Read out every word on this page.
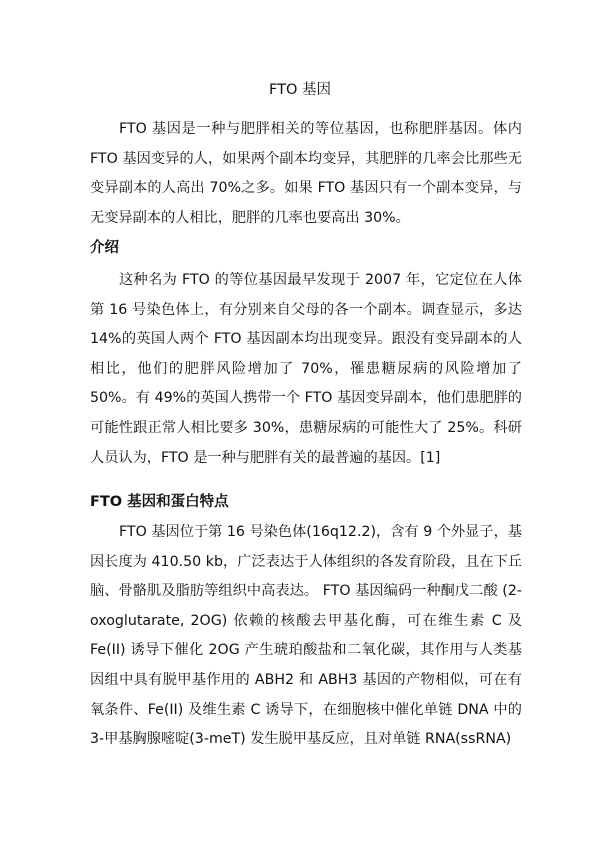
FTO 基因

FTO 基因是一种与肥胖相关的等位基因，也称肥胖基因。体内FTO 基因变异的人，如果两个副本均变异，其肥胖的几率会比那些无变异副本的人高出 70%之多。如果 FTO 基因只有一个副本变异，与无变异副本的人相比，肥胖的几率也要高出 30%。

介绍

这种名为 FTO 的等位基因最早发现于 2007 年，它定位在人体第 16 号染色体上，有分别来自父母的各一个副本。调查显示，多达 14%的英国人两个 FTO 基因副本均出现变异。跟没有变异副本的人相比，他们的肥胖风险增加了 70%，罹患糖尿病的风险增加了 50%。有 49%的英国人携带一个 FTO 基因变异副本，他们患肥胖的可能性跟正常人相比要多 30%，患糖尿病的可能性大了 25%。科研人员认为，FTO 是一种与肥胖有关的最普遍的基因。[1]

FTO 基因和蛋白特点

FTO 基因位于第 16 号染色体(16q12.2)，含有 9 个外显子，基因长度为 410.50 kb，广泛表达于人体组织的各发育阶段，且在下丘脑、骨骼肌及脂肪等组织中高表达。 FTO 基因编码一种酮戊二酸 (2-oxoglutarate, 2OG) 依赖的核酸去甲基化酶，可在维生素 C 及 Fe(II) 诱导下催化 2OG 产生琥珀酸盐和二氧化碳，其作用与人类基因组中具有脱甲基作用的 ABH2 和 ABH3 基因的产物相似，可在有氧条件、Fe(II) 及维生素 C 诱导下，在细胞核中催化单链 DNA 中的 3-甲基胸腺嘧啶(3-meT) 发生脱甲基反应，且对单链 RNA(ssRNA)
